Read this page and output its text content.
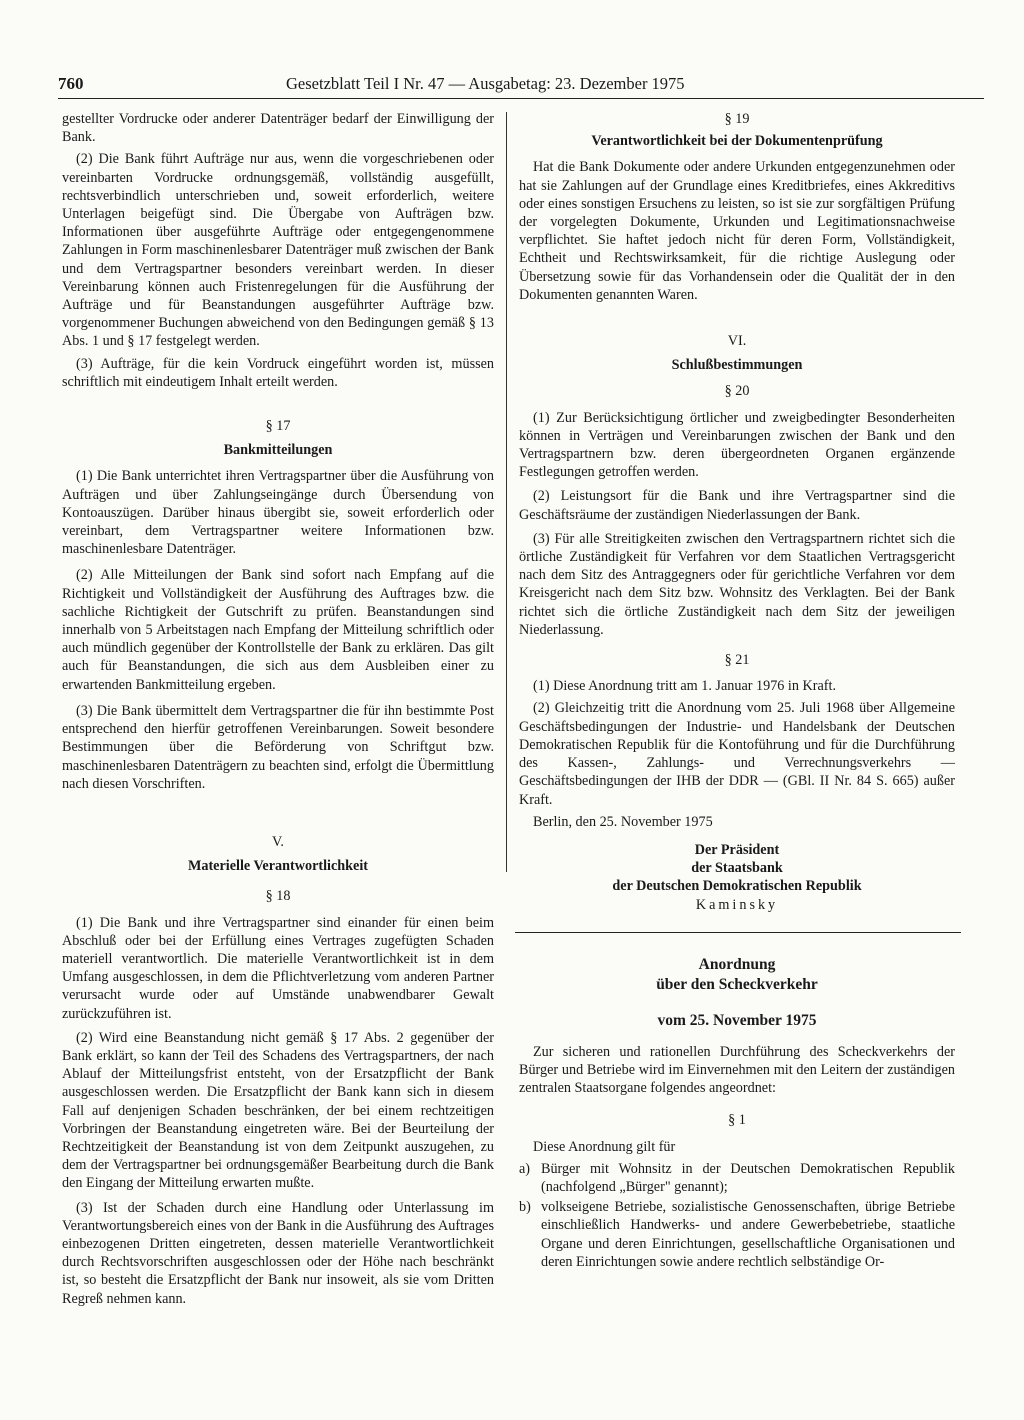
760	Gesetzblatt Teil I Nr. 47 — Ausgabetag: 23. Dezember 1975

gestellter Vordrucke oder anderer Datenträger bedarf der Einwilligung der Bank.

(2) Die Bank führt Aufträge nur aus, wenn die vorgeschriebenen oder vereinbarten Vordrucke ordnungsgemäß, vollständig ausgefüllt, rechtsverbindlich unterschrieben und, soweit erforderlich, weitere Unterlagen beigefügt sind. Die Übergabe von Aufträgen bzw. Informationen über ausgeführte Aufträge oder entgegengenommene Zahlungen in Form maschinenlesbarer Datenträger muß zwischen der Bank und dem Vertragspartner besonders vereinbart werden. In dieser Vereinbarung können auch Fristenregelungen für die Ausführung der Aufträge und für Beanstandungen ausgeführter Aufträge bzw. vorgenommener Buchungen abweichend von den Bedingungen gemäß § 13 Abs. 1 und § 17 festgelegt werden.

(3) Aufträge, für die kein Vordruck eingeführt worden ist, müssen schriftlich mit eindeutigem Inhalt erteilt werden.

§ 17
Bankmitteilungen

(1) Die Bank unterrichtet ihren Vertragspartner über die Ausführung von Aufträgen und über Zahlungseingänge durch Übersendung von Kontoauszügen. Darüber hinaus übergibt sie, soweit erforderlich oder vereinbart, dem Vertragspartner weitere Informationen bzw. maschinenlesbare Datenträger.

(2) Alle Mitteilungen der Bank sind sofort nach Empfang auf die Richtigkeit und Vollständigkeit der Ausführung des Auftrages bzw. die sachliche Richtigkeit der Gutschrift zu prüfen. Beanstandungen sind innerhalb von 5 Arbeitstagen nach Empfang der Mitteilung schriftlich oder auch mündlich gegenüber der Kontrollstelle der Bank zu erklären. Das gilt auch für Beanstandungen, die sich aus dem Ausbleiben einer zu erwartenden Bankmitteilung ergeben.

(3) Die Bank übermittelt dem Vertragspartner die für ihn bestimmte Post entsprechend den hierfür getroffenen Vereinbarungen. Soweit besondere Bestimmungen über die Beförderung von Schriftgut bzw. maschinenlesbaren Datenträgern zu beachten sind, erfolgt die Übermittlung nach diesen Vorschriften.

V.
Materielle Verantwortlichkeit
§ 18

(1) Die Bank und ihre Vertragspartner sind einander für einen beim Abschluß oder bei der Erfüllung eines Vertrages zugefügten Schaden materiell verantwortlich. Die materielle Verantwortlichkeit ist in dem Umfang ausgeschlossen, in dem die Pflichtverletzung vom anderen Partner verursacht wurde oder auf Umstände unabwendbarer Gewalt zurückzuführen ist.

(2) Wird eine Beanstandung nicht gemäß § 17 Abs. 2 gegenüber der Bank erklärt, so kann der Teil des Schadens des Vertragspartners, der nach Ablauf der Mitteilungsfrist entsteht, von der Ersatzpflicht der Bank ausgeschlossen werden. Die Ersatzpflicht der Bank kann sich in diesem Fall auf denjenigen Schaden beschränken, der bei einem rechtzeitigen Vorbringen der Beanstandung eingetreten wäre. Bei der Beurteilung der Rechtzeitigkeit der Beanstandung ist von dem Zeitpunkt auszugehen, zu dem der Vertragspartner bei ordnungsgemäßer Bearbeitung durch die Bank den Eingang der Mitteilung erwarten mußte.

(3) Ist der Schaden durch eine Handlung oder Unterlassung im Verantwortungsbereich eines von der Bank in die Ausführung des Auftrages einbezogenen Dritten eingetreten, dessen materielle Verantwortlichkeit durch Rechtsvorschriften ausgeschlossen oder der Höhe nach beschränkt ist, so besteht die Ersatzpflicht der Bank nur insoweit, als sie vom Dritten Regreß nehmen kann.

§ 19
Verantwortlichkeit bei der Dokumentenprüfung

Hat die Bank Dokumente oder andere Urkunden entgegenzunehmen oder hat sie Zahlungen auf der Grundlage eines Kreditbriefes, eines Akkreditivs oder eines sonstigen Ersuchens zu leisten, so ist sie zur sorgfältigen Prüfung der vorgelegten Dokumente, Urkunden und Legitimationsnachweise verpflichtet. Sie haftet jedoch nicht für deren Form, Vollständigkeit, Echtheit und Rechtswirksamkeit, für die richtige Auslegung oder Übersetzung sowie für das Vorhandensein oder die Qualität der in den Dokumenten genannten Waren.

VI.
Schlußbestimmungen
§ 20

(1) Zur Berücksichtigung örtlicher und zweigbedingter Besonderheiten können in Verträgen und Vereinbarungen zwischen der Bank und den Vertragspartnern bzw. deren übergeordneten Organen ergänzende Festlegungen getroffen werden.

(2) Leistungsort für die Bank und ihre Vertragspartner sind die Geschäftsräume der zuständigen Niederlassungen der Bank.

(3) Für alle Streitigkeiten zwischen den Vertragspartnern richtet sich die örtliche Zuständigkeit für Verfahren vor dem Staatlichen Vertragsgericht nach dem Sitz des Antraggegners oder für gerichtliche Verfahren vor dem Kreisgericht nach dem Sitz bzw. Wohnsitz des Verklagten. Bei der Bank richtet sich die örtliche Zuständigkeit nach dem Sitz der jeweiligen Niederlassung.

§ 21

(1) Diese Anordnung tritt am 1. Januar 1976 in Kraft.

(2) Gleichzeitig tritt die Anordnung vom 25. Juli 1968 über Allgemeine Geschäftsbedingungen der Industrie- und Handelsbank der Deutschen Demokratischen Republik für die Kontoführung und für die Durchführung des Kassen-, Zahlungs- und Verrechnungsverkehrs — Geschäftsbedingungen der IHB der DDR — (GBl. II Nr. 84 S. 665) außer Kraft.

Berlin, den 25. November 1975

Der Präsident
der Staatsbank
der Deutschen Demokratischen Republik
Kaminsky
Anordnung
über den Scheckverkehr
vom 25. November 1975

Zur sicheren und rationellen Durchführung des Scheckverkehrs der Bürger und Betriebe wird im Einvernehmen mit den Leitern der zuständigen zentralen Staatsorgane folgendes angeordnet:

§ 1

Diese Anordnung gilt für

a) Bürger mit Wohnsitz in der Deutschen Demokratischen Republik (nachfolgend „Bürger" genannt);
b) volkseigene Betriebe, sozialistische Genossenschaften, übrige Betriebe einschließlich Handwerks- und andere Gewerbebetriebe, staatliche Organe und deren Einrichtungen, gesellschaftliche Organisationen und deren Einrichtungen sowie andere rechtlich selbständige Or-
